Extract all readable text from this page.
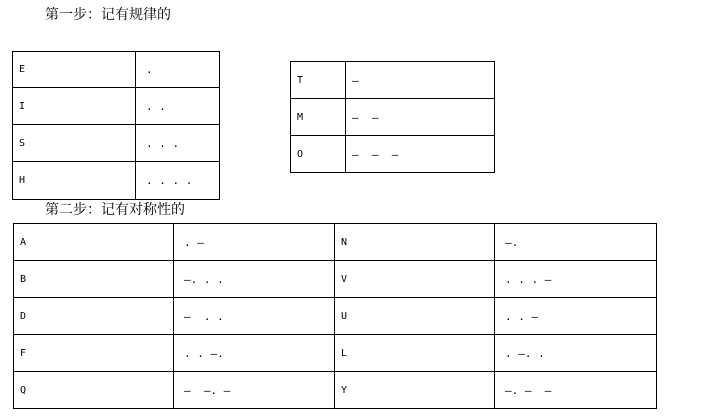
第一步：记有规律的
E	.
I	. .
S	. . .
H	. . . .
T	—
M	—  —
O	—  —  —
第二步：记有对称性的
A	. —	N	—.
B	—. . .	V	. . . —
D	—  . .	U	. . —
F	. . —.	L	. —. .
Q	—  —. —	Y	—. —  —
